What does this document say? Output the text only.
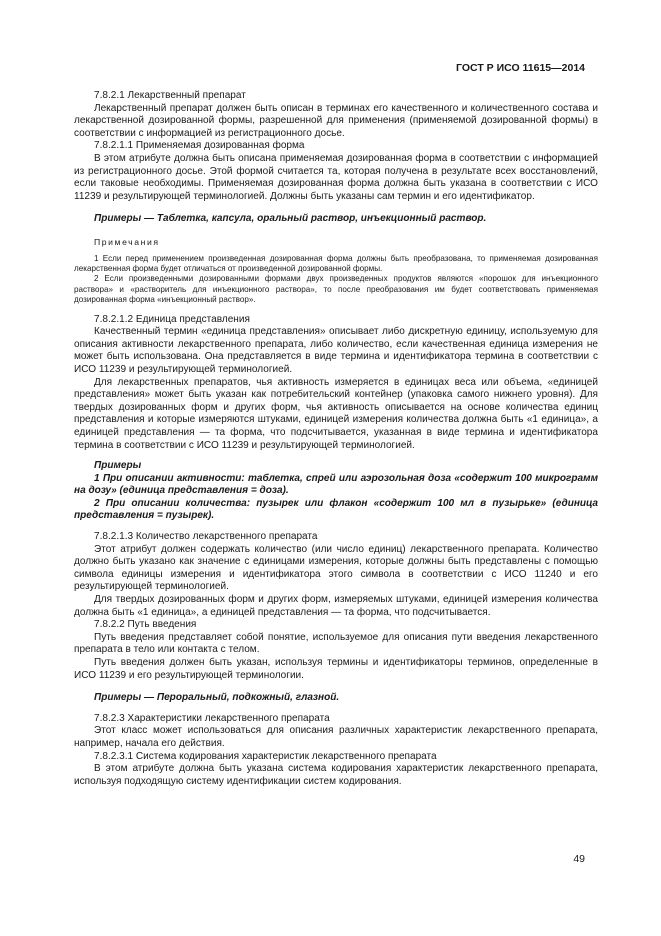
ГОСТ Р ИСО 11615—2014

7.8.2.1 Лекарственный препарат

Лекарственный препарат должен быть описан в терминах его качественного и количественного состава и лекарственной дозированной формы, разрешенной для применения (применяемой дозированной формы) в соответствии с информацией из регистрационного досье.

7.8.2.1.1 Применяемая дозированная форма

В этом атрибуте должна быть описана применяемая дозированная форма в соответствии с информацией из регистрационного досье. Этой формой считается та, которая получена в результате всех восстановлений, если таковые необходимы. Применяемая дозированная форма должна быть указана в соответствии с ИСО 11239 и результирующей терминологией. Должны быть указаны сам термин и его идентификатор.

Примеры — Таблетка, капсула, оральный раствор, инъекционный раствор.

Примечания

1 Если перед применением произведенная дозированная форма должны быть преобразована, то применяемая дозированная лекарственная форма будет отличаться от произведенной дозированной формы.

2 Если произведенными дозированными формами двух произведенных продуктов являются «порошок для инъекционного раствора» и «растворитель для инъекционного раствора», то после преобразования им будет соответствовать применяемая дозированная форма «инъекционный раствор».

7.8.2.1.2 Единица представления

Качественный термин «единица представления» описывает либо дискретную единицу, используемую для описания активности лекарственного препарата, либо количество, если качественная единица измерения не может быть использована. Она представляется в виде термина и идентификатора термина в соответствии с ИСО 11239 и результирующей терминологией.

Для лекарственных препаратов, чья активность измеряется в единицах веса или объема, «единицей представления» может быть указан как потребительский контейнер (упаковка самого нижнего уровня). Для твердых дозированных форм и других форм, чья активность описывается на основе количества единиц представления и которые измеряются штуками, единицей измерения количества должна быть «1 единица», а единицей представления — та форма, что подсчитывается, указанная в виде термина и идентификатора термина в соответствии с ИСО 11239 и результирующей терминологией.

Примеры

1 При описании активности: таблетка, спрей или аэрозольная доза «содержит 100 микрограмм на дозу» (единица представления = доза).

2 При описании количества: пузырек или флакон «содержит 100 мл в пузырьке» (единица представления = пузырек).

7.8.2.1.3 Количество лекарственного препарата

Этот атрибут должен содержать количество (или число единиц) лекарственного препарата. Количество должно быть указано как значение с единицами измерения, которые должны быть представлены с помощью символа единицы измерения и идентификатора этого символа в соответствии с ИСО 11240 и его результирующей терминологией.

Для твердых дозированных форм и других форм, измеряемых штуками, единицей измерения количества должна быть «1 единица», а единицей представления — та форма, что подсчитывается.

7.8.2.2 Путь введения

Путь введения представляет собой понятие, используемое для описания пути введения лекарственного препарата в тело или контакта с телом.

Путь введения должен быть указан, используя термины и идентификаторы терминов, определенные в ИСО 11239 и его результирующей терминологии.

Примеры — Пероральный, подкожный, глазной.

7.8.2.3 Характеристики лекарственного препарата

Этот класс может использоваться для описания различных характеристик лекарственного препарата, например, начала его действия.

7.8.2.3.1 Система кодирования характеристик лекарственного препарата

В этом атрибуте должна быть указана система кодирования характеристик лекарственного препарата, используя подходящую систему идентификации систем кодирования.

49
